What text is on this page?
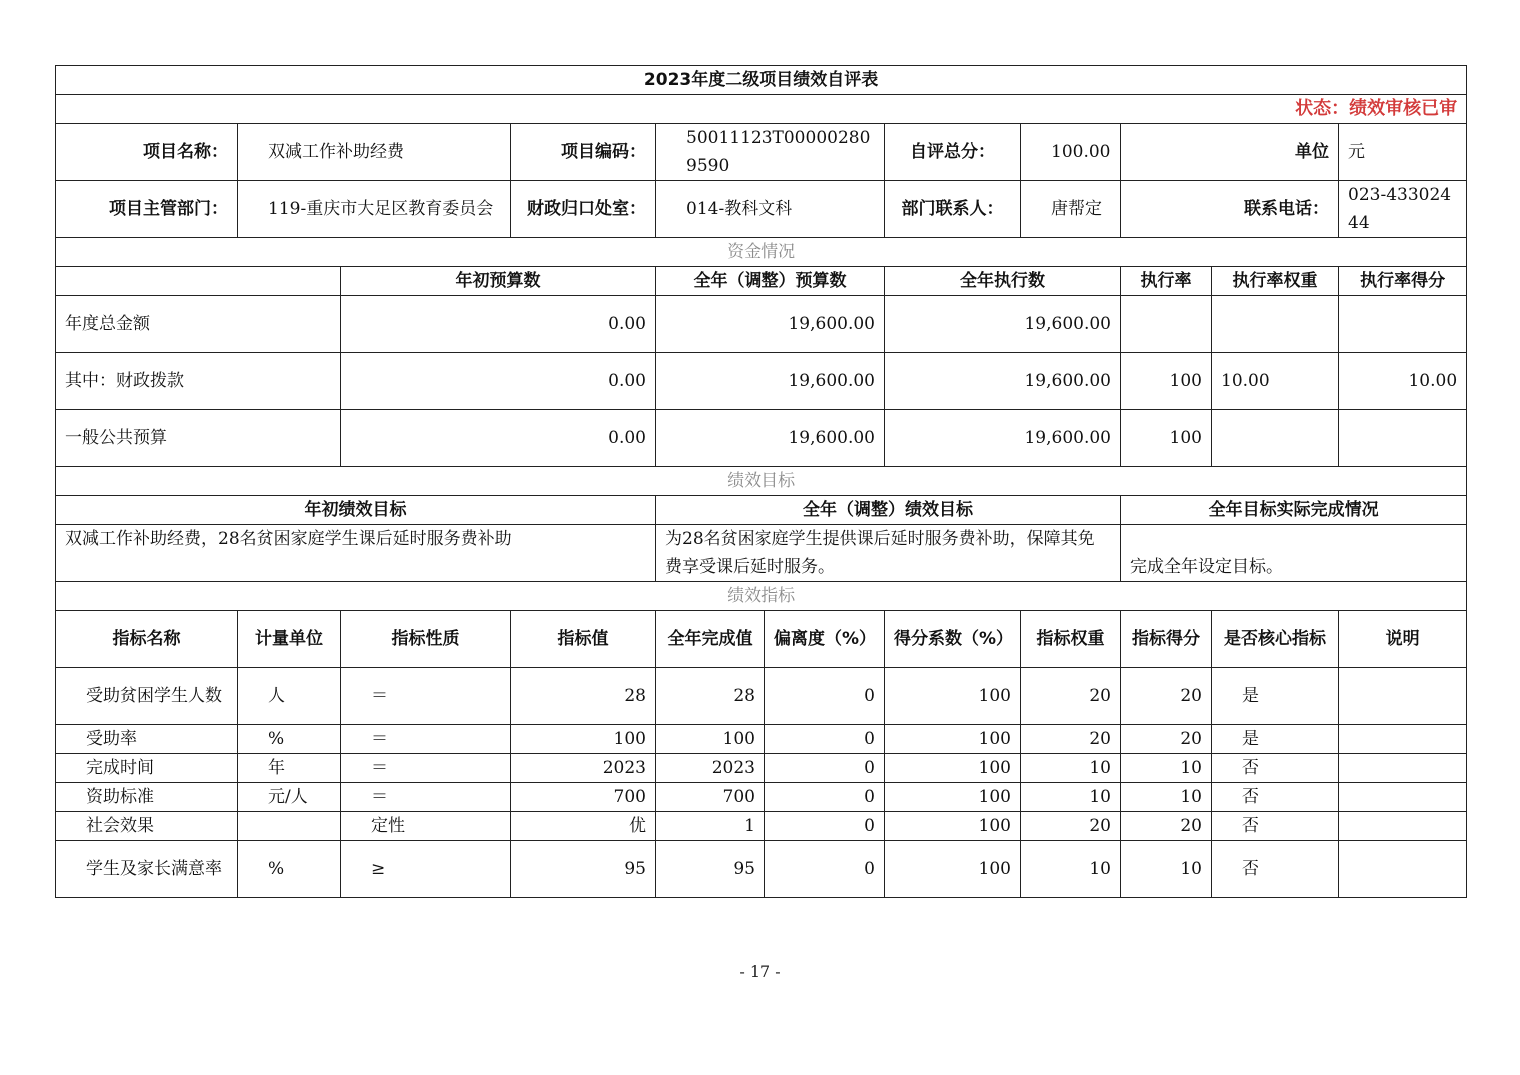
2023年度二级项目绩效自评表										
状态：绩效审核已审										
项目名称：	双减工作补助经费		项目编码：	50011123T000002809590		自评总分：	100.00	单位		元
项目主管部门：	119-重庆市大足区教育委员会		财政归口处室：	014-教科文科		部门联系人：	唐帮定	联系电话：		023-43302444
资金情况										
		年初预算数		全年（调整）预算数		全年执行数		执行率	执行率权重	执行率得分
年度总金额		0.00		19,600.00		19,600.00				
其中：财政拨款		0.00		19,600.00		19,600.00		100	10.00	10.00
一般公共预算		0.00		19,600.00		19,600.00		100		
绩效目标										
年初绩效目标				全年（调整）绩效目标				全年目标实际完成情况		
双减工作补助经费，28名贫困家庭学生课后延时服务费补助				为28名贫困家庭学生提供课后延时服务费补助，保障其免费享受课后延时服务。				完成全年设定目标。		
绩效指标										
指标名称	计量单位	指标性质	指标值	全年完成值	偏离度（%）	得分系数（%）	指标权重	指标得分	是否核心指标	说明
受助贫困学生人数	人	＝	28	28	0	100	20	20	是	
受助率	%	＝	100	100	0	100	20	20	是	
完成时间	年	＝	2023	2023	0	100	10	10	否	
资助标准	元/人	＝	700	700	0	100	10	10	否	
社会效果		定性	优	1	0	100	20	20	否	
学生及家长满意率	%	≥	95	95	0	100	10	10	否	
- 17 -
